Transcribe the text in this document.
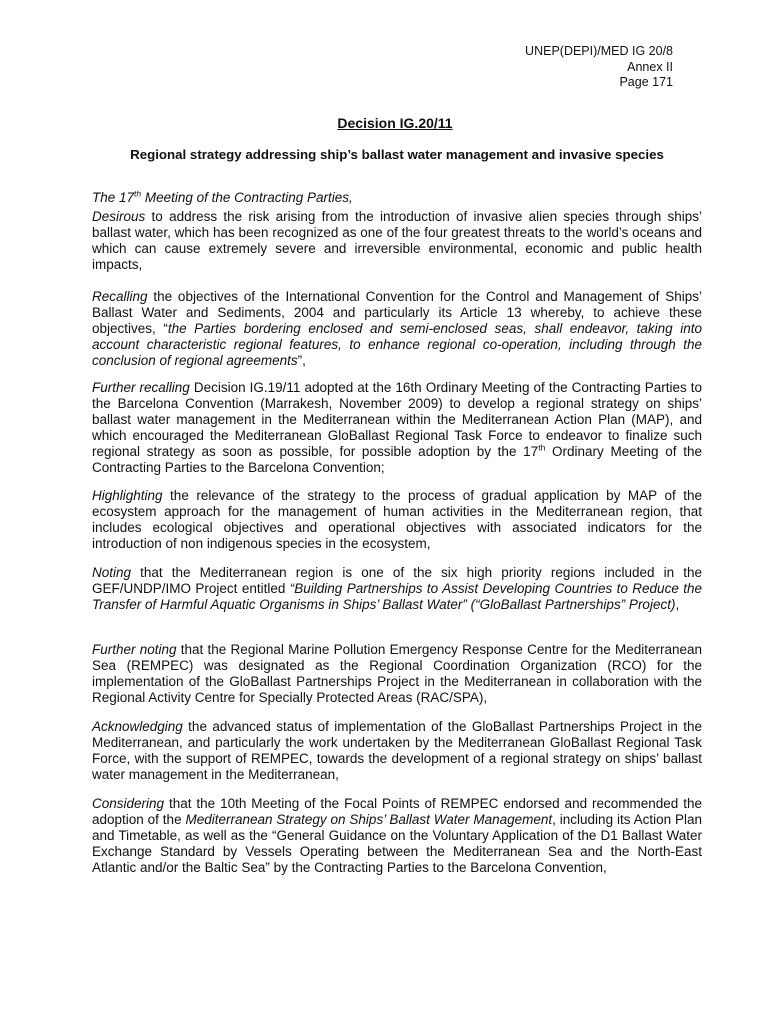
UNEP(DEPI)/MED IG 20/8
Annex II
Page 171
Decision IG.20/11
Regional strategy addressing ship’s ballast water management and invasive species
The 17th Meeting of the Contracting Parties,

Desirous to address the risk arising from the introduction of invasive alien species through ships’ ballast water, which has been recognized as one of the four greatest threats to the world’s oceans and which can cause extremely severe and irreversible environmental, economic and public health impacts,

Recalling the objectives of the International Convention for the Control and Management of Ships’ Ballast Water and Sediments, 2004 and particularly its Article 13 whereby, to achieve these objectives, “the Parties bordering enclosed and semi-enclosed seas, shall endeavor, taking into account characteristic regional features, to enhance regional co-operation, including through the conclusion of regional agreements”,

Further recalling Decision IG.19/11 adopted at the 16th Ordinary Meeting of the Contracting Parties to the Barcelona Convention (Marrakesh, November 2009) to develop a regional strategy on ships’ ballast water management in the Mediterranean within the Mediterranean Action Plan (MAP), and which encouraged the Mediterranean GloBallast Regional Task Force to endeavor to finalize such regional strategy as soon as possible, for possible adoption by the 17th Ordinary Meeting of the Contracting Parties to the Barcelona Convention;

Highlighting the relevance of the strategy to the process of gradual application by MAP of the ecosystem approach for the management of human activities in the Mediterranean region, that includes ecological objectives and operational objectives with associated indicators for the introduction of non indigenous species in the ecosystem,

Noting that the Mediterranean region is one of the six high priority regions included in the GEF/UNDP/IMO Project entitled “Building Partnerships to Assist Developing Countries to Reduce the Transfer of Harmful Aquatic Organisms in Ships’ Ballast Water” (“GloBallast Partnerships” Project),

Further noting that the Regional Marine Pollution Emergency Response Centre for the Mediterranean Sea (REMPEC) was designated as the Regional Coordination Organization (RCO) for the implementation of the GloBallast Partnerships Project in the Mediterranean in collaboration with the Regional Activity Centre for Specially Protected Areas (RAC/SPA),

Acknowledging the advanced status of implementation of the GloBallast Partnerships Project in the Mediterranean, and particularly the work undertaken by the Mediterranean GloBallast Regional Task Force, with the support of REMPEC, towards the development of a regional strategy on ships’ ballast water management in the Mediterranean,

Considering that the 10th Meeting of the Focal Points of REMPEC endorsed and recommended the adoption of the Mediterranean Strategy on Ships’ Ballast Water Management, including its Action Plan and Timetable, as well as the “General Guidance on the Voluntary Application of the D1 Ballast Water Exchange Standard by Vessels Operating between the Mediterranean Sea and the North-East Atlantic and/or the Baltic Sea” by the Contracting Parties to the Barcelona Convention,
